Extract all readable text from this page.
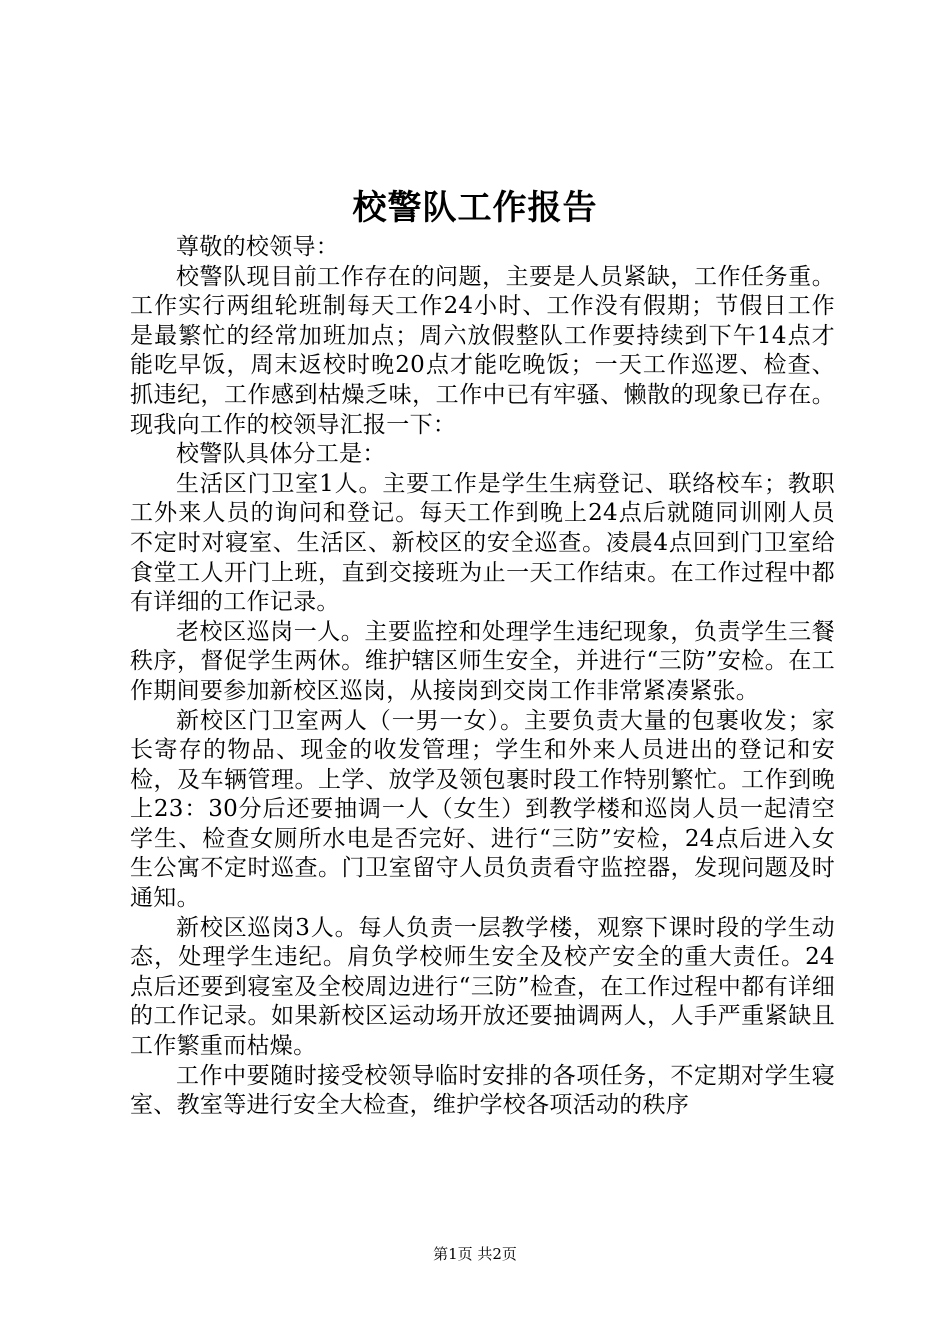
校警队工作报告

尊敬的校领导：

校警队现目前工作存在的问题，主要是人员紧缺，工作任务重。工作实行两组轮班制每天工作24小时、工作没有假期；节假日工作是最繁忙的经常加班加点；周六放假整队工作要持续到下午14点才能吃早饭，周末返校时晚20点才能吃晚饭；一天工作巡逻、检查、抓违纪，工作感到枯燥乏味，工作中已有牢骚、懒散的现象已存在。现我向工作的校领导汇报一下：

校警队具体分工是：

生活区门卫室1人。主要工作是学生生病登记、联络校车；教职工外来人员的询问和登记。每天工作到晚上24点后就随同训刚人员不定时对寝室、生活区、新校区的安全巡查。凌晨4点回到门卫室给食堂工人开门上班，直到交接班为止一天工作结束。在工作过程中都有详细的工作记录。

老校区巡岗一人。主要监控和处理学生违纪现象，负责学生三餐秩序，督促学生两休。维护辖区师生安全，并进行“三防”安检。在工作期间要参加新校区巡岗，从接岗到交岗工作非常紧凑紧张。

新校区门卫室两人（一男一女）。主要负责大量的包裹收发；家长寄存的物品、现金的收发管理；学生和外来人员进出的登记和安检，及车辆管理。上学、放学及领包裹时段工作特别繁忙。工作到晚上23：30分后还要抽调一人（女生）到教学楼和巡岗人员一起清空学生、检查女厕所水电是否完好、进行“三防”安检，24点后进入女生公寓不定时巡查。门卫室留守人员负责看守监控器，发现问题及时通知。

新校区巡岗3人。每人负责一层教学楼，观察下课时段的学生动态，处理学生违纪。肩负学校师生安全及校产安全的重大责任。24点后还要到寝室及全校周边进行“三防”检查，在工作过程中都有详细的工作记录。如果新校区运动场开放还要抽调两人，人手严重紧缺且工作繁重而枯燥。

工作中要随时接受校领导临时安排的各项任务，不定期对学生寝室、教室等进行安全大检查，维护学校各项活动的秩序

第1页 共2页
